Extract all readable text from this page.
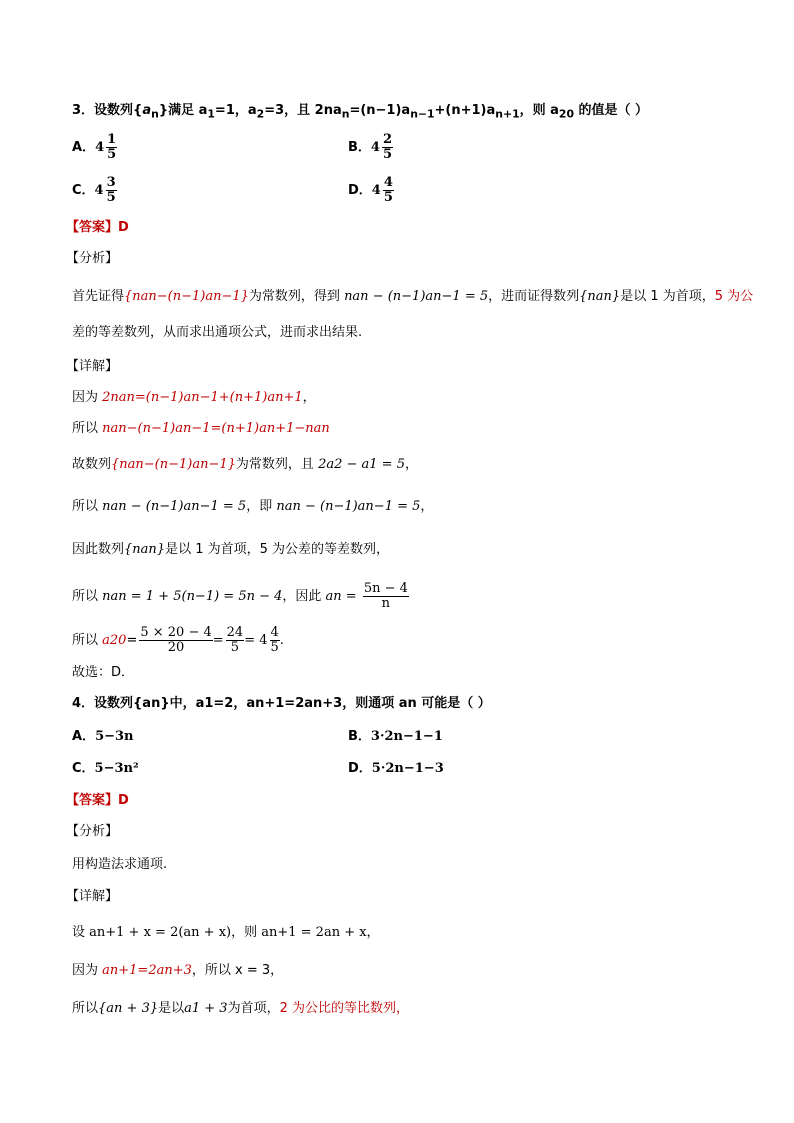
3．设数列$\{a_n\}$满足 $a_1=1$，$a_2=3$，且 $2na_n=(n-1)a_{n-1}+(n+1)a_{n+1}$，则 $a_{20}$ 的值是（ ）
A．$4 \frac{1}{5}$	B．$4 \frac{2}{5}$
C．$4 \frac{3}{5}$	D．$4 \frac{4}{5}$
【答案】D
【分析】
首先证得{nan−(n−1)an−1}为常数列，得到 nan − (n−1)an−1 = 5，进而证得数列{nan}是以 1 为首项，5 为公
差的等差数列，从而求出通项公式，进而求出结果.
【详解】
因为 2nan=(n−1)an−1+(n+1)an+1，
所以 nan−(n−1)an−1=(n+1)an+1−nan
故数列{nan−(n−1)an−1}为常数列，且 2a2 − a1 = 5，
所以 nan − (n−1)an−1 = 5，即 nan − (n−1)an−1 = 5，
因此数列{nan}是以 1 为首项，5 为公差的等差数列，
所以 nan = 1 + 5(n−1) = 5n − 4，因此 an = $\frac{5n - 4}{n}$
所以 $a20= \frac{5 \times 20 - 4}{20} = \frac{24}{5} = 4 \frac{4}{5}$ .
故选：D．
4．设数列{an}中，a1=2，an+1=2an+3，则通项 an 可能是（ ）
A．5−3n	B．3·2n−1−1
C．5−3n²	D．5·2n−1−3
【答案】D
【分析】
用构造法求通项.
【详解】
设 an+1 + x = 2(an + x)，则 an+1 = 2an + x，
因为 an+1=2an+3，所以 x = 3，
所以{an + 3}是以a1 + 3为首项，2 为公比的等比数列，
